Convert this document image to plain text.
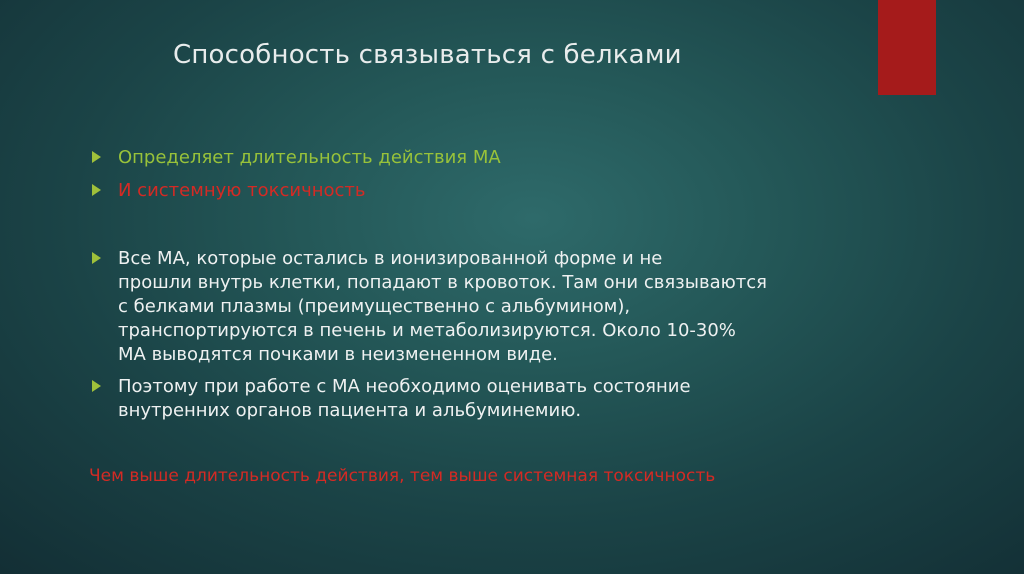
Способность связываться с белками
Определяет длительность действия МА
И системную токсичность
Все МА, которые остались в ионизированной форме и не
прошли внутрь клетки, попадают в кровоток. Там они связываются
с белками плазмы (преимущественно с альбумином),
транспортируются в печень и метаболизируются. Около 10-30%
МА выводятся почками в неизмененном виде.
Поэтому при работе с МА необходимо оценивать состояние
внутренних органов пациента и альбуминемию.
Чем выше длительность действия, тем выше системная токсичность
